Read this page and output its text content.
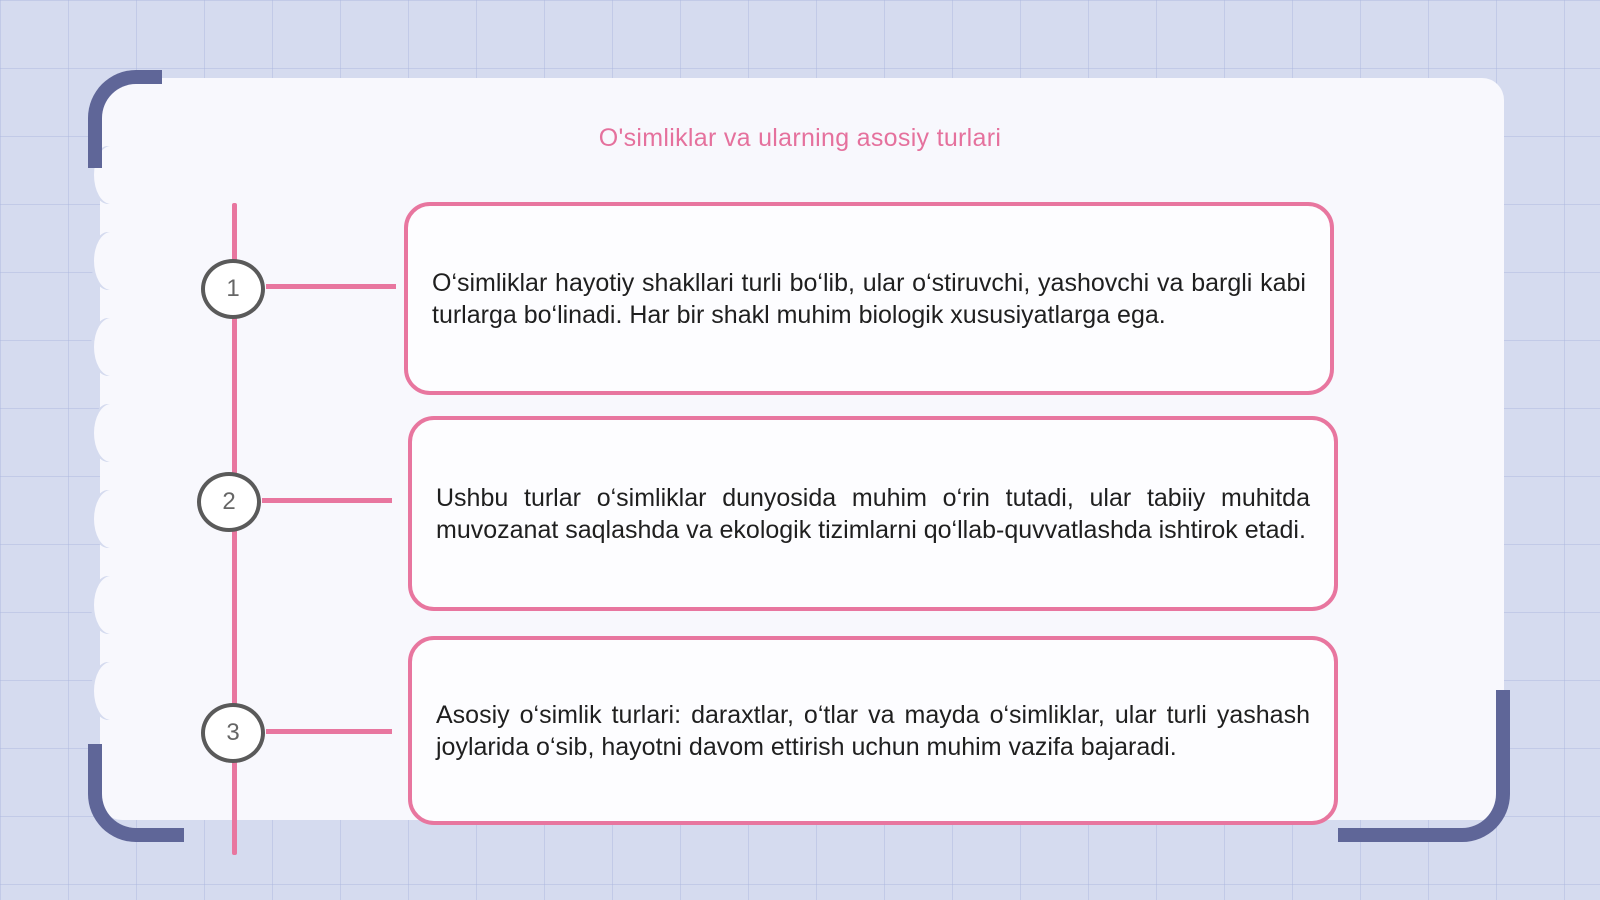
O'simliklar va ularning asosiy turlari
1
2
3

O‘simliklar hayotiy shakllari turli bo‘lib, ular o‘stiruvchi, yashovchi va bargli kabi turlarga bo‘linadi. Har bir shakl muhim biologik xususiyatlarga ega.

Ushbu turlar o‘simliklar dunyosida muhim o‘rin tutadi, ular tabiiy muhitda muvozanat saqlashda va ekologik tizimlarni qo‘llab-quvvatlashda ishtirok etadi.

Asosiy o‘simlik turlari: daraxtlar, o‘tlar va mayda o‘simliklar, ular turli yashash joylarida o‘sib, hayotni davom ettirish uchun muhim vazifa bajaradi.
